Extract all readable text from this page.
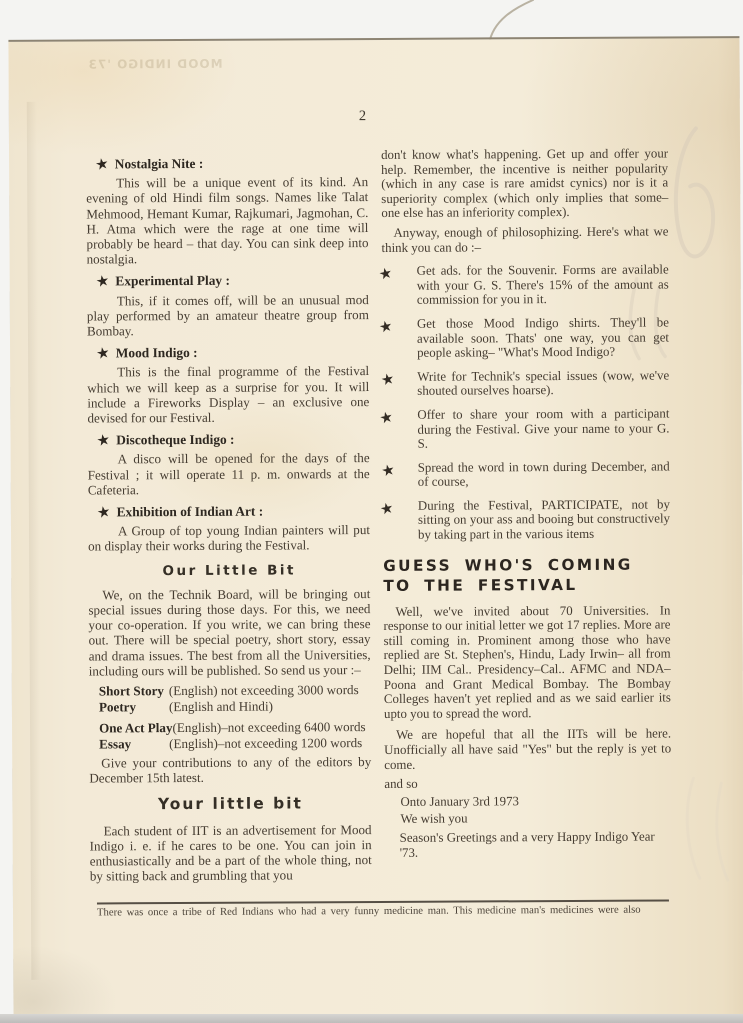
MOOD INDIGO '73
2
★ Nostalgia Nite :

This will be a unique event of its kind. An evening of old Hindi film songs. Names like Talat Mehmood, Hemant Kumar, Rajkumari, Jagmohan, C. H. Atma which were the rage at one time will probably be heard – that day. You can sink deep into nostalgia.

★ Experimental Play :

This, if it comes off, will be an unusual mod play performed by an amateur theatre group from Bombay.

★ Mood Indigo :

This is the final programme of the Festival which we will keep as a surprise for you. It will include a Fireworks Display – an exclusive one devised for our Festival.

★ Discotheque Indigo :

A disco will be opened for the days of the Festival ; it will operate 11 p. m. onwards at the Cafeteria.

★ Exhibition of Indian Art :

A Group of top young Indian painters will put on display their works during the Festival.

Our Little Bit

We, on the Technik Board, will be bringing out special issues during those days. For this, we need your co-operation. If you write, we can bring these out. There will be special poetry, short story, essay and drama issues. The best from all the Universities, including ours will be published. So send us your :–

Short Story (English) not exceeding 3000 words
Poetry	(English and Hindi)
One Act Play(English)–not exceeding 6400 words
Essay	(English)–not exceeding 1200 words

Give your contributions to any of the editors by December 15th latest.

Your little bit

Each student of IIT is an advertisement for Mood Indigo i. e. if he cares to be one. You can join in enthusiastically and be a part of the whole thing, not by sitting back and grumbling that you

don't know what's happening. Get up and offer your help. Remember, the incentive is neither popularity (which in any case is rare amidst cynics) nor is it a superiority complex (which only implies that some–one else has an inferiority complex).

Anyway, enough of philosophizing. Here's what we think you can do :–

★	Get ads. for the Souvenir. Forms are available with your G. S. There's 15% of the amount as commission for you in it.

★	Get those Mood Indigo shirts. They'll be available soon. Thats' one way, you can get people asking– "What's Mood Indigo?

★	Write for Technik's special issues (wow, we've shouted ourselves hoarse).

★	Offer to share your room with a participant during the Festival. Give your name to your G. S.

★	Spread the word in town during December, and of course,

★	During the Festival, PARTICIPATE, not by sitting on your ass and booing but constructively by taking part in the various items

GUESS WHO'S COMING TO THE FESTIVAL

Well, we've invited about 70 Universities. In response to our initial letter we got 17 replies. More are still coming in. Prominent among those who have replied are St. Stephen's, Hindu, Lady Irwin– all from Delhi; IIM Cal.. Presidency–Cal.. AFMC and NDA– Poona and Grant Medical Bombay. The Bombay Colleges haven't yet replied and as we said earlier its upto you to spread the word.

We are hopeful that all the IITs will be here. Unofficially all have said "Yes" but the reply is yet to come.

and so
Onto January 3rd 1973
We wish you
Season's Greetings and a very Happy Indigo Year '73.
There was once a tribe of Red Indians who had a very funny medicine man. This medicine man's medicines were also
